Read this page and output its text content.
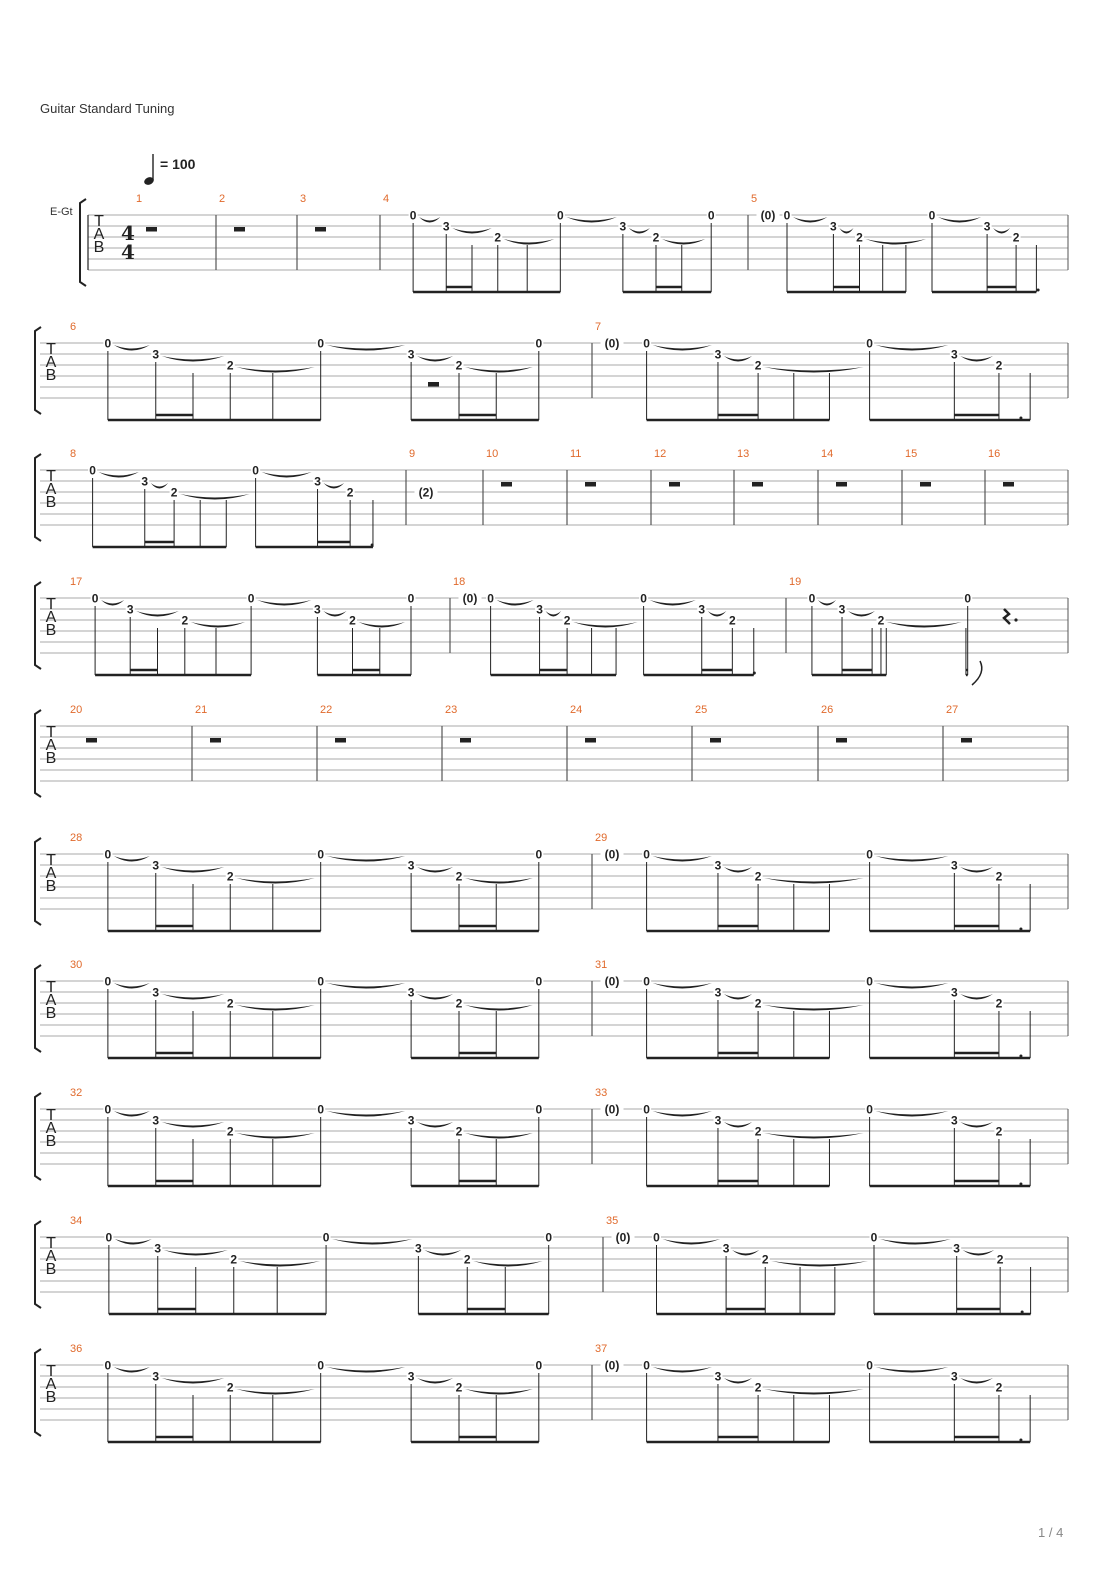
Guitar Standard Tuning
= 100
E-Gt
T
A
B
4
4
1	2	3	4
0
3
2
0
3
2
0
5
(0) 0
3
2
0
3
2
T
A
B
6
0
3
2
0
3
2
0
7
(0) 0
3
2
0
3
2
T
A
B
8
0
3
2
0
3
2
9
(2)
10	11	12	13	14	15	16
T
A
B
17
0
3
2
0
3
2
0
18
(0) 0
3
2
0
3
2
19
0
3
2
0
T
A
B
20	21	22	23	24	25	26	27
T
A
B
28
0
3
2
0
3
2
0
29
(0) 0
3
2
0
3
2
T
A
B
30
0
3
2
0
3
2
0
31
(0) 0
3
2
0
3
2
T
A
B
32
0
3
2
0
3
2
0
33
(0) 0
3
2
0
3
2
T
A
B
34
0
3
2
0
3
2
0
35
(0) 0
3
2
0
3
2
T
A
B
36
0
3
2
0
3
2
0
37
(0) 0
3
2
0
3
2
1 / 4
